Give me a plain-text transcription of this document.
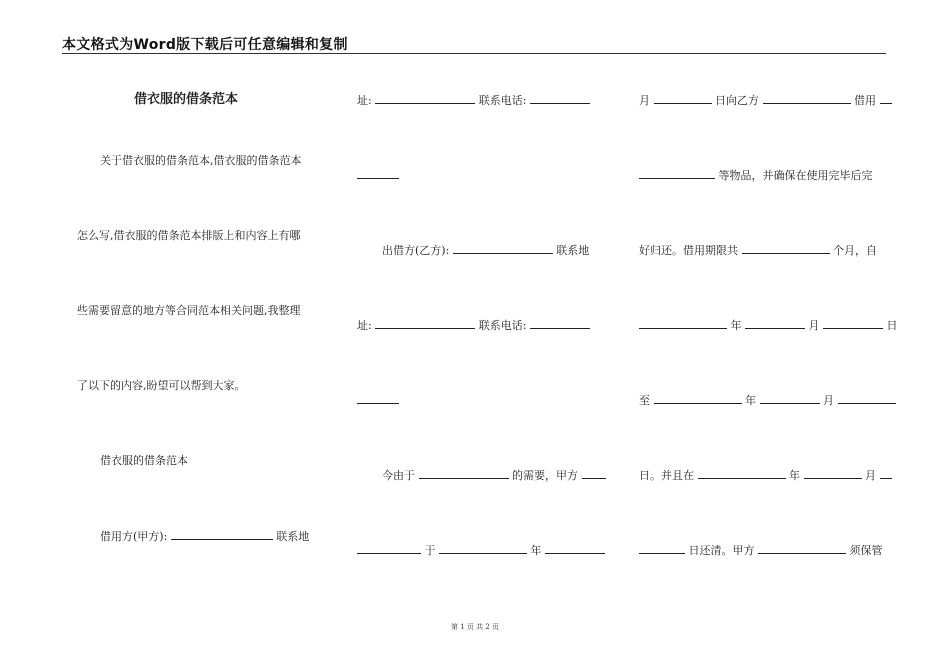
本文格式为Word版下载后可任意编辑和复制
借衣服的借条范本
关于借衣服的借条范本,借衣服的借条范本
怎么写,借衣服的借条范本排版上和内容上有哪
些需要留意的地方等合同范本相关问题,我整理
了以下的内容,盼望可以帮到大家。
借衣服的借条范本
借用方(甲方):	联系地
址:	联系电话:
出借方(乙方):	联系地
址:	联系电话:
今由于	的需要，甲方
于	年
月	日向乙方	借用
等物品，并确保在使用完毕后完
好归还。借用期限共	个月，自
年	月	日
至	年	月
日。并且在	年	月
日还清。甲方	须保管
第 1 页 共 2 页
